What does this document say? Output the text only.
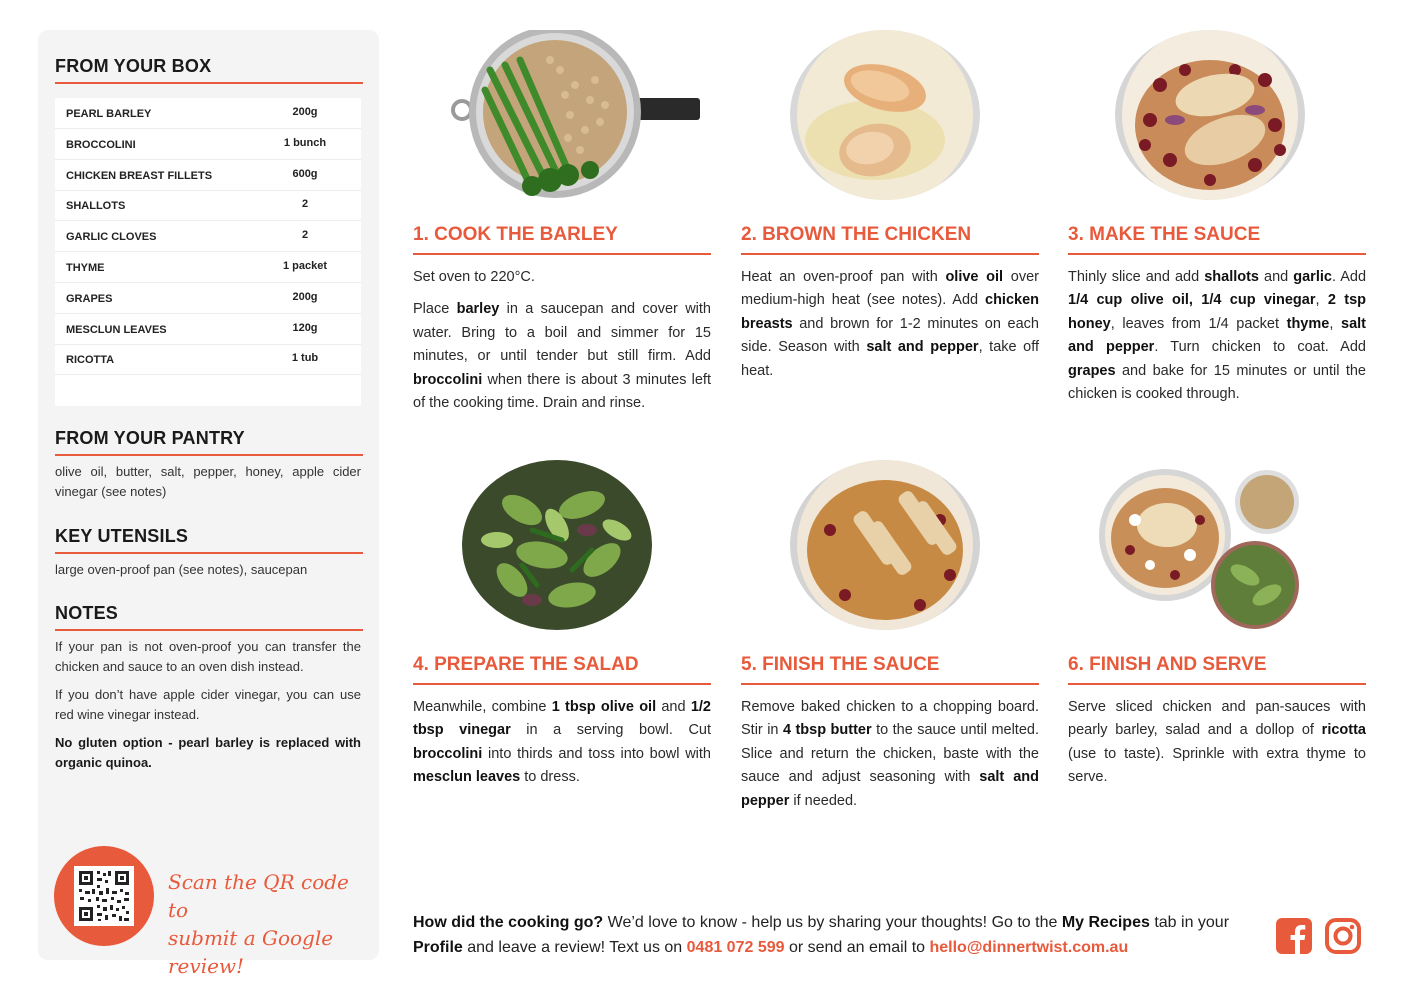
FROM YOUR BOX
PEARL BARLEY	200g
BROCCOLINI	1 bunch
CHICKEN BREAST FILLETS	600g
SHALLOTS	2
GARLIC CLOVES	2
THYME	1 packet
GRAPES	200g
MESCLUN LEAVES	120g
RICOTTA	1 tub
FROM YOUR PANTRY
olive oil, butter, salt, pepper, honey, apple cider vinegar (see notes)
KEY UTENSILS
large oven-proof pan (see notes), saucepan
NOTES
If your pan is not oven-proof you can transfer the chicken and sauce to an oven dish instead.
If you don’t have apple cider vinegar, you can use red wine vinegar instead.
No gluten option - pearl barley is replaced with organic quinoa.
Scan the QR code to
submit a Google review!
1. COOK THE BARLEY

Set oven to 220°C.

Place barley in a saucepan and cover with water. Bring to a boil and simmer for 15 minutes, or until tender but still firm. Add broccolini when there is about 3 minutes left of the cooking time. Drain and rinse.

2. BROWN THE CHICKEN

Heat an oven-proof pan with olive oil over medium-high heat (see notes). Add chicken breasts and brown for 1-2 minutes on each side. Season with salt and pepper, take off heat.

3. MAKE THE SAUCE

Thinly slice and add shallots and garlic. Add 1/4 cup olive oil, 1/4 cup vinegar, 2 tsp honey, leaves from 1/4 packet thyme, salt and pepper. Turn chicken to coat. Add grapes and bake for 15 minutes or until the chicken is cooked through.

4. PREPARE THE SALAD

Meanwhile, combine 1 tbsp olive oil and 1/2 tbsp vinegar in a serving bowl. Cut broccolini into thirds and toss into bowl with mesclun leaves to dress.

5. FINISH THE SAUCE

Remove baked chicken to a chopping board. Stir in 4 tbsp butter to the sauce until melted. Slice and return the chicken, baste with the sauce and adjust seasoning with salt and pepper if needed.

6. FINISH AND SERVE

Serve sliced chicken and pan-sauces with pearly barley, salad and a dollop of ricotta (use to taste). Sprinkle with extra thyme to serve.

How did the cooking go? We’d love to know - help us by sharing your thoughts! Go to the My Recipes tab in your Profile and leave a review! Text us on 0481 072 599 or send an email to hello@dinnertwist.com.au
